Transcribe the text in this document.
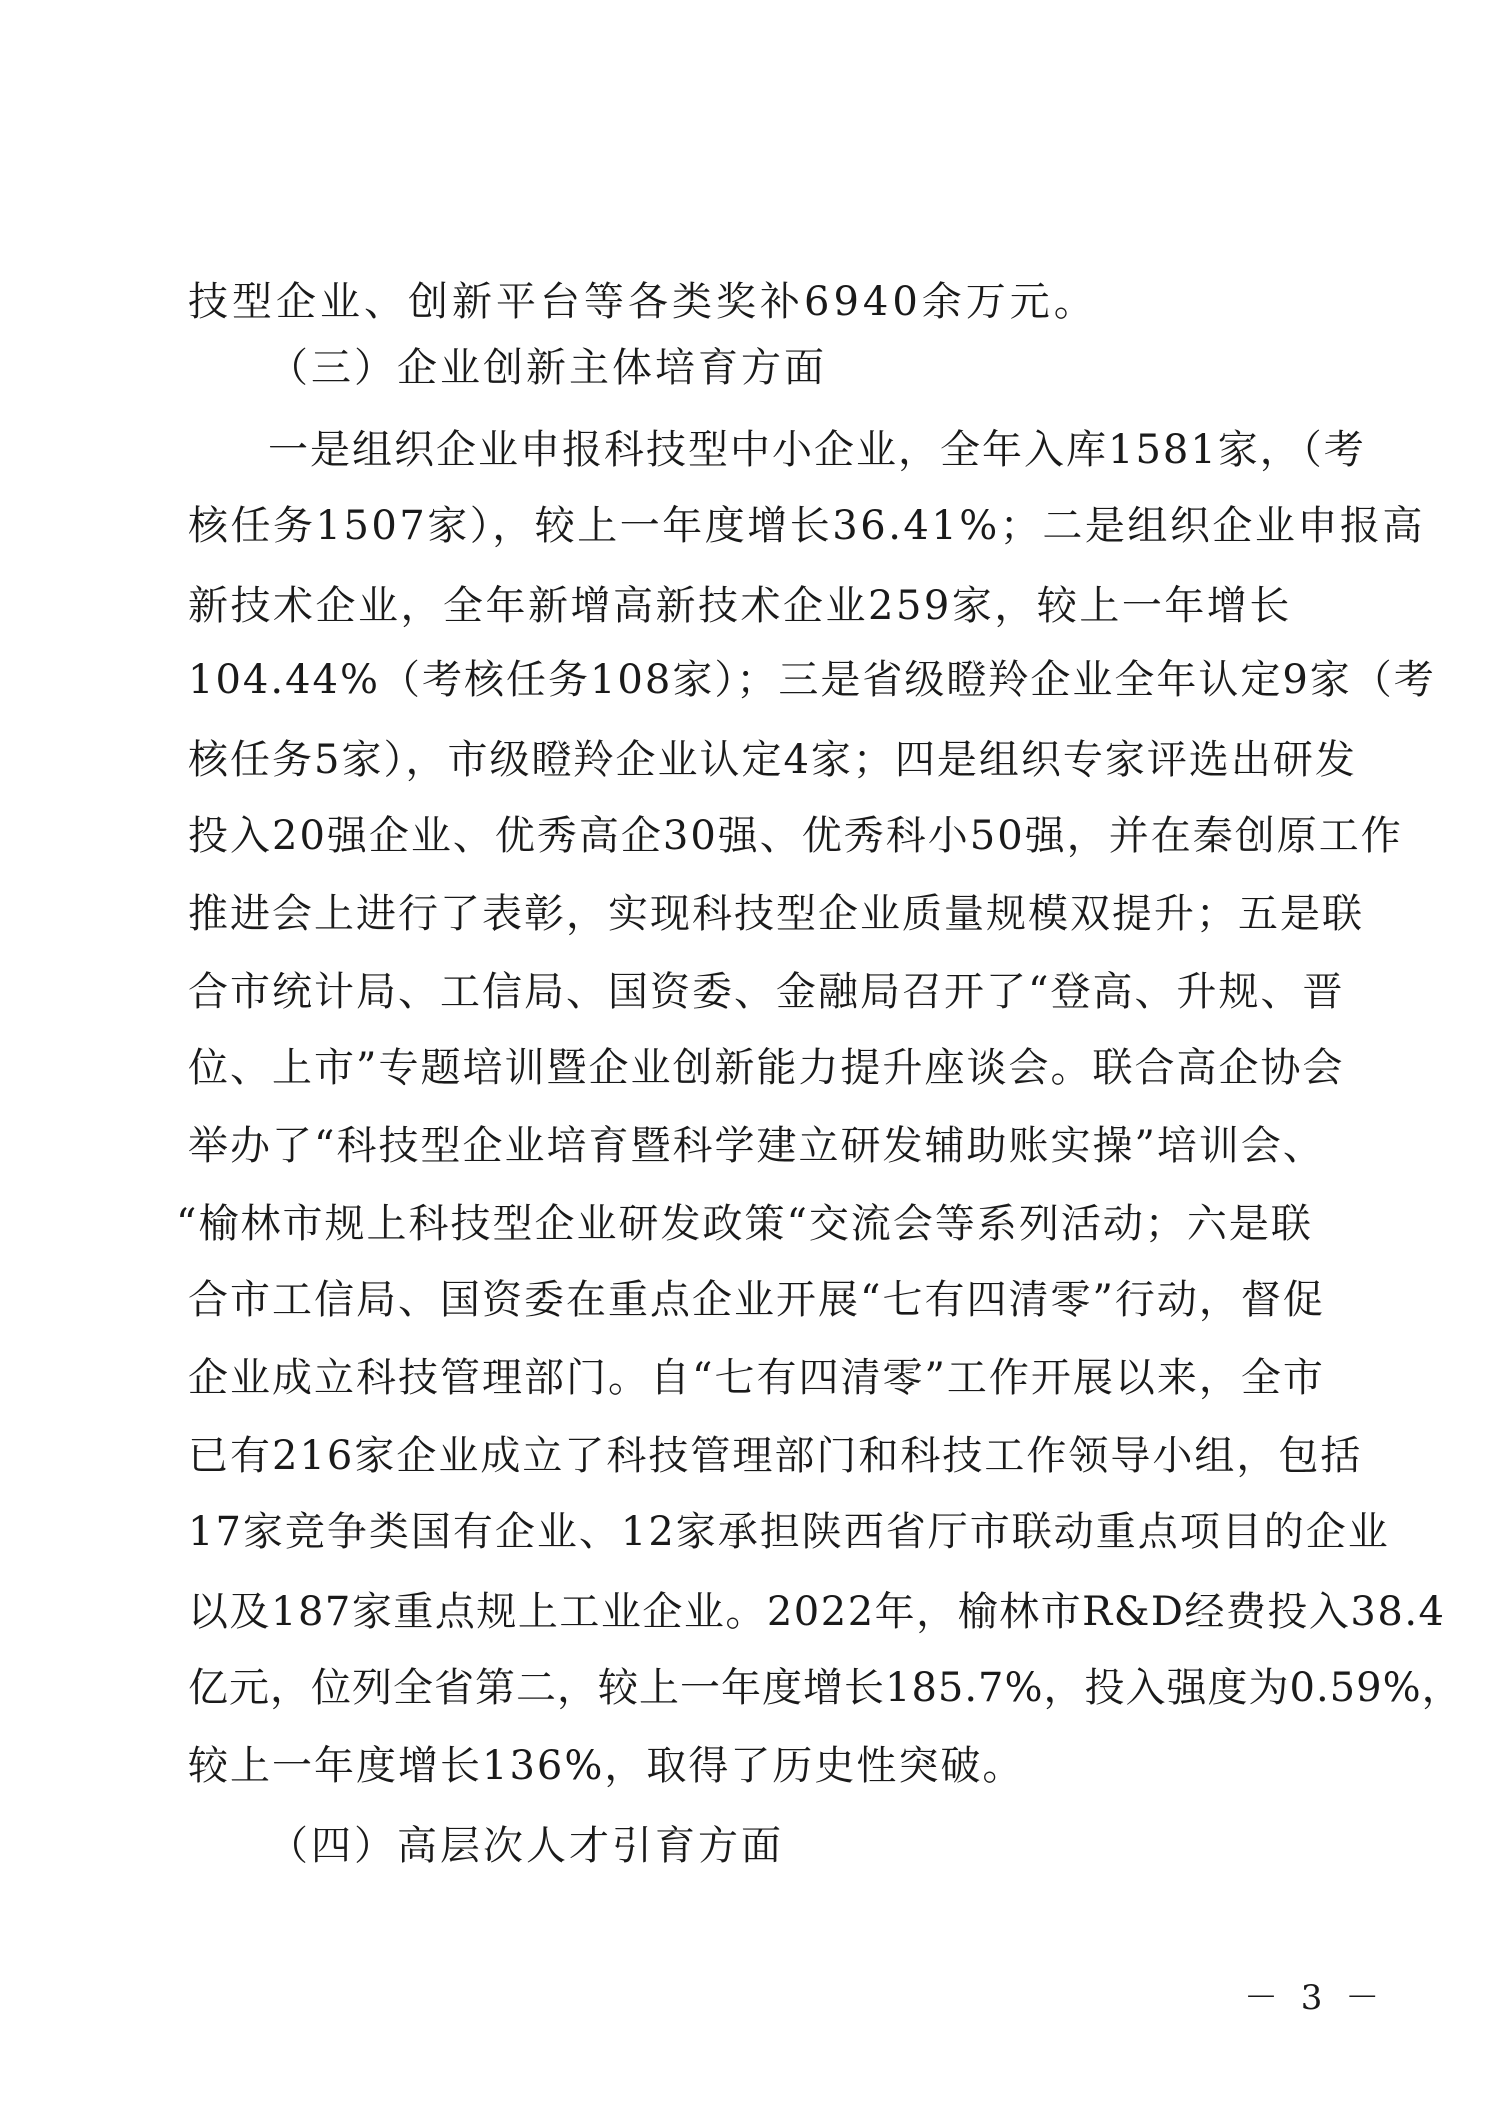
技型企业、创新平台等各类奖补6940余万元。
（三）企业创新主体培育方面
一是组织企业申报科技型中小企业，全年入库1581家，（考
核任务1507家），较上一年度增长36.41%；二是组织企业申报高
新技术企业，全年新增高新技术企业259家，较上一年增长
104.44%（考核任务108家）；三是省级瞪羚企业全年认定9家（考
核任务5家），市级瞪羚企业认定4家；四是组织专家评选出研发
投入20强企业、优秀高企30强、优秀科小50强，并在秦创原工作
推进会上进行了表彰，实现科技型企业质量规模双提升；五是联
合市统计局、工信局、国资委、金融局召开了“登高、升规、晋
位、上市”专题培训暨企业创新能力提升座谈会。联合高企协会
举办了“科技型企业培育暨科学建立研发辅助账实操”培训会、
“榆林市规上科技型企业研发政策“交流会等系列活动；六是联
合市工信局、国资委在重点企业开展“七有四清零”行动，督促
企业成立科技管理部门。自“七有四清零”工作开展以来，全市
已有216家企业成立了科技管理部门和科技工作领导小组，包括
17家竞争类国有企业、12家承担陕西省厅市联动重点项目的企业
以及187家重点规上工业企业。2022年，榆林市R&D经费投入38.4
亿元，位列全省第二，较上一年度增长185.7%，投入强度为0.59%，
较上一年度增长136%，取得了历史性突破。
（四）高层次人才引育方面
－ 3 －
